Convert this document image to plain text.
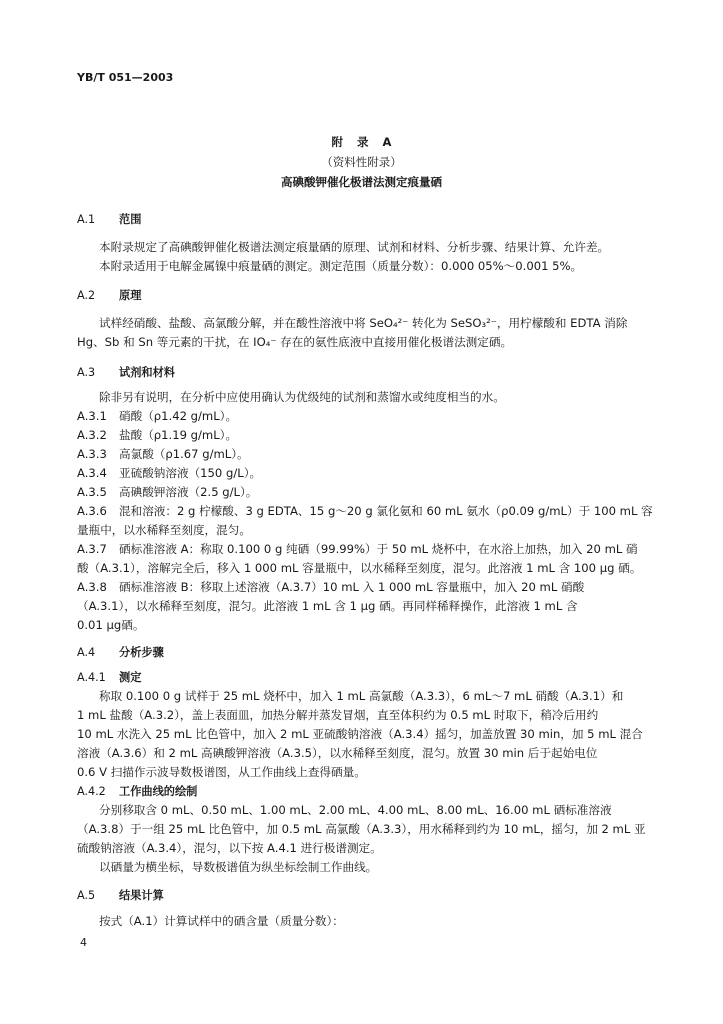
YB/T 051—2003
附录A
（资料性附录）
高碘酸钾催化极谱法测定痕量硒
A.1 范围
本附录规定了高碘酸钾催化极谱法测定痕量硒的原理、试剂和材料、分析步骤、结果计算、允许差。
本附录适用于电解金属镍中痕量硒的测定。测定范围（质量分数）：0.000 05%～0.001 5%。
A.2 原理
试样经硝酸、盐酸、高氯酸分解，并在酸性溶液中将 SeO₄²⁻ 转化为 SeSO₃²⁻，用柠檬酸和 EDTA 消除
Hg、Sb 和 Sn 等元素的干扰，在 IO₄⁻ 存在的氨性底液中直接用催化极谱法测定硒。
A.3 试剂和材料
除非另有说明，在分析中应使用确认为优级纯的试剂和蒸馏水或纯度相当的水。
A.3.1 硝酸（ρ1.42 g/mL）。
A.3.2 盐酸（ρ1.19 g/mL）。
A.3.3 高氯酸（ρ1.67 g/mL）。
A.3.4 亚硫酸钠溶液（150 g/L）。
A.3.5 高碘酸钾溶液（2.5 g/L）。
A.3.6 混和溶液：2 g 柠檬酸、3 g EDTA、15 g～20 g 氯化氨和 60 mL 氨水（ρ0.09 g/mL）于 100 mL 容
量瓶中，以水稀释至刻度，混匀。
A.3.7 硒标准溶液 A：称取 0.100 0 g 纯硒（99.99%）于 50 mL 烧杯中，在水浴上加热，加入 20 mL 硝
酸（A.3.1），溶解完全后，移入 1 000 mL 容量瓶中，以水稀释至刻度，混匀。此溶液 1 mL 含 100 μg 硒。
A.3.8 硒标准溶液 B：移取上述溶液（A.3.7）10 mL 入 1 000 mL 容量瓶中，加入 20 mL 硝酸
（A.3.1），以水稀释至刻度，混匀。此溶液 1 mL 含 1 μg 硒。再同样稀释操作，此溶液 1 mL 含
0.01 μg硒。
A.4 分析步骤
A.4.1 测定
称取 0.100 0 g 试样于 25 mL 烧杯中，加入 1 mL 高氯酸（A.3.3），6 mL～7 mL 硝酸（A.3.1）和
1 mL 盐酸（A.3.2），盖上表面皿，加热分解并蒸发冒烟，直至体积约为 0.5 mL 时取下，稍冷后用约
10 mL 水洗入 25 mL 比色管中，加入 2 mL 亚硫酸钠溶液（A.3.4）摇匀，加盖放置 30 min，加 5 mL 混合
溶液（A.3.6）和 2 mL 高碘酸钾溶液（A.3.5），以水稀释至刻度，混匀。放置 30 min 后于起始电位
0.6 V 扫描作示波导数极谱图，从工作曲线上查得硒量。
A.4.2 工作曲线的绘制
分别移取含 0 mL、0.50 mL、1.00 mL、2.00 mL、4.00 mL、8.00 mL、16.00 mL 硒标准溶液
（A.3.8）于一组 25 mL 比色管中，加 0.5 mL 高氯酸（A.3.3），用水稀释到约为 10 mL，摇匀，加 2 mL 亚
硫酸钠溶液（A.3.4），混匀，以下按 A.4.1 进行极谱测定。
以硒量为横坐标，导数极谱值为纵坐标绘制工作曲线。
A.5 结果计算
按式（A.1）计算试样中的硒含量（质量分数）：
4
